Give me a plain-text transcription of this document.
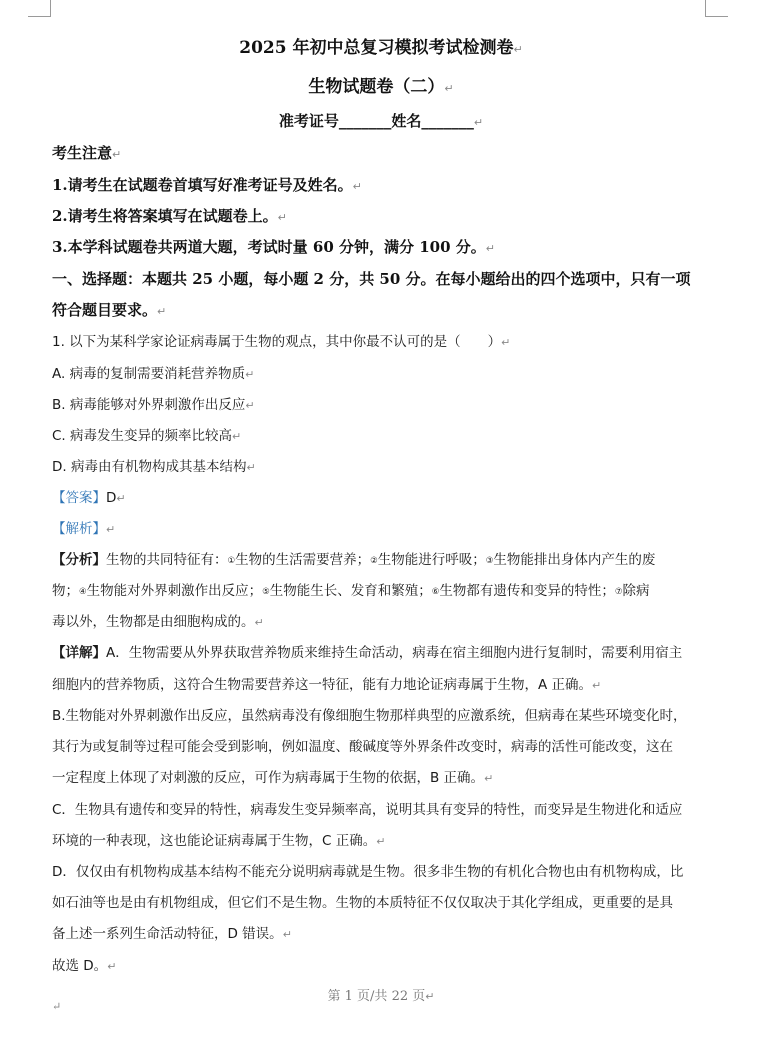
2025 年初中总复习模拟考试检测卷↵
生物试题卷（二）↵
准考证号_______姓名_______↵
考生注意↵
1.请考生在试题卷首填写好准考证号及姓名。↵
2.请考生将答案填写在试题卷上。↵
3.本学科试题卷共两道大题，考试时量 60 分钟，满分 100 分。↵
一、选择题：本题共 25 小题，每小题 2 分，共 50 分。在每小题给出的四个选项中，只有一项
符合题目要求。↵
1. 以下为某科学家论证病毒属于生物的观点，其中你最不认可的是（　　）↵
A. 病毒的复制需要消耗营养物质↵
B. 病毒能够对外界刺激作出反应↵
C. 病毒发生变异的频率比较高↵
D. 病毒由有机物构成其基本结构↵
【答案】D↵
【解析】↵
【分析】生物的共同特征有：①生物的生活需要营养；②生物能进行呼吸；③生物能排出身体内产生的废
物；④生物能对外界刺激作出反应；⑤生物能生长、发育和繁殖；⑥生物都有遗传和变异的特性；⑦除病
毒以外，生物都是由细胞构成的。↵
【详解】A．生物需要从外界获取营养物质来维持生命活动，病毒在宿主细胞内进行复制时，需要利用宿主
细胞内的营养物质，这符合生物需要营养这一特征，能有力地论证病毒属于生物，A 正确。↵
B.生物能对外界刺激作出反应，虽然病毒没有像细胞生物那样典型的应激系统，但病毒在某些环境变化时，
其行为或复制等过程可能会受到影响，例如温度、酸碱度等外界条件改变时，病毒的活性可能改变，这在
一定程度上体现了对刺激的反应，可作为病毒属于生物的依据，B 正确。↵
C．生物具有遗传和变异的特性，病毒发生变异频率高，说明其具有变异的特性，而变异是生物进化和适应
环境的一种表现，这也能论证病毒属于生物，C 正确。↵
D．仅仅由有机物构成基本结构不能充分说明病毒就是生物。很多非生物的有机化合物也由有机物构成，比
如石油等也是由有机物组成，但它们不是生物。生物的本质特征不仅仅取决于其化学组成，更重要的是具
备上述一系列生命活动特征，D 错误。↵
故选 D。↵
第 1 页/共 22 页↵
↵
